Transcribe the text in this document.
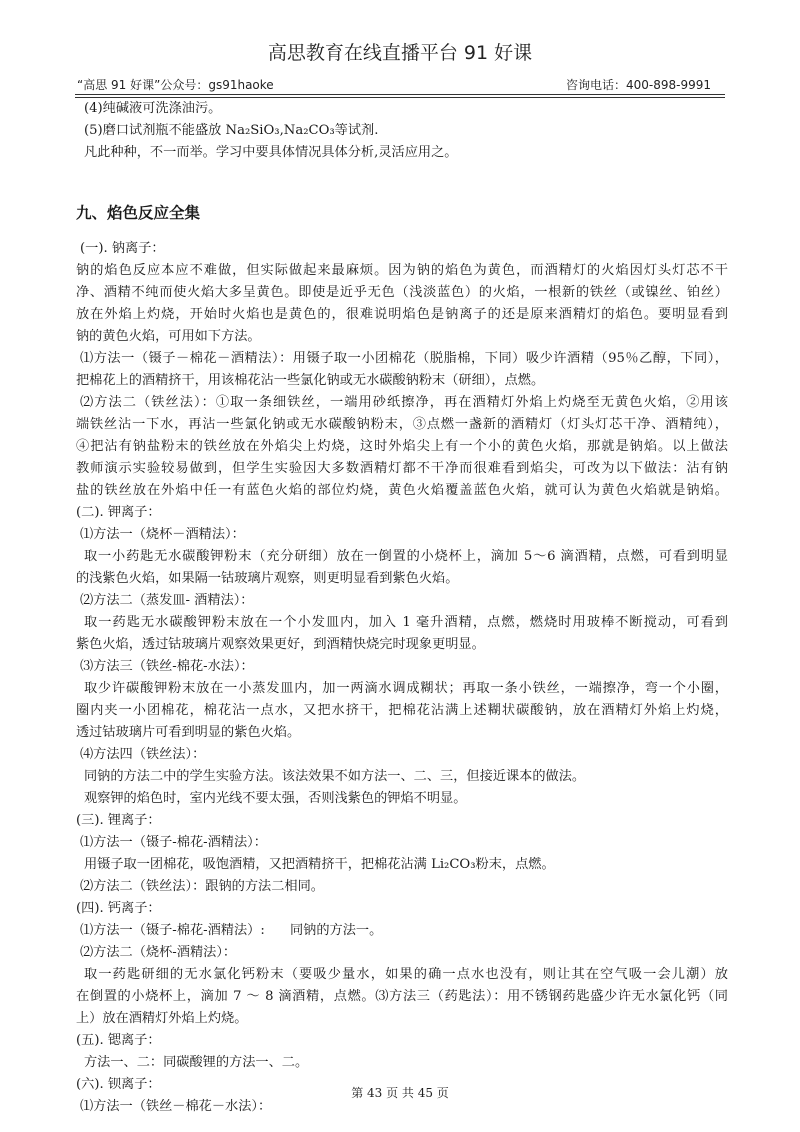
高思教育在线直播平台 91 好课
“高思 91 好课”公众号：gs91haoke	咨询电话：400-898-9991

(4)纯碱液可洗涤油污。

(5)磨口试剂瓶不能盛放 Na₂SiO₃,Na₂CO₃等试剂.

凡此种种，不一而举。学习中要具体情况具体分析,灵活应用之。

九、焰色反应全集

(一). 钠离子：

钠的焰色反应本应不难做，但实际做起来最麻烦。因为钠的焰色为黄色，而酒精灯的火焰因灯头灯芯不干

净、酒精不纯而使火焰大多呈黄色。即使是近乎无色（浅淡蓝色）的火焰，一根新的铁丝（或镍丝、铂丝）

放在外焰上灼烧，开始时火焰也是黄色的，很难说明焰色是钠离子的还是原来酒精灯的焰色。要明显看到

钠的黄色火焰，可用如下方法。

⑴方法一（镊子－棉花－酒精法）：用镊子取一小团棉花（脱脂棉，下同）吸少许酒精（95％乙醇，下同），

把棉花上的酒精挤干，用该棉花沾一些氯化钠或无水碳酸钠粉末（研细），点燃。

⑵方法二（铁丝法）：①取一条细铁丝，一端用砂纸擦净，再在酒精灯外焰上灼烧至无黄色火焰，②用该

端铁丝沾一下水，再沾一些氯化钠或无水碳酸钠粉末，③点燃一盏新的酒精灯（灯头灯芯干净、酒精纯），

④把沾有钠盐粉末的铁丝放在外焰尖上灼烧，这时外焰尖上有一个小的黄色火焰，那就是钠焰。以上做法

教师演示实验较易做到，但学生实验因大多数酒精灯都不干净而很难看到焰尖，可改为以下做法：沾有钠

盐的铁丝放在外焰中任一有蓝色火焰的部位灼烧，黄色火焰覆盖蓝色火焰，就可认为黄色火焰就是钠焰。

(二). 钾离子：

⑴方法一（烧杯－酒精法）：

取一小药匙无水碳酸钾粉末（充分研细）放在一倒置的小烧杯上，滴加 5～6 滴酒精，点燃，可看到明显

的浅紫色火焰，如果隔一钴玻璃片观察，则更明显看到紫色火焰。

⑵方法二（蒸发皿- 酒精法）：

取一药匙无水碳酸钾粉末放在一个小发皿内，加入 1 毫升酒精，点燃，燃烧时用玻棒不断搅动，可看到

紫色火焰，透过钴玻璃片观察效果更好，到酒精快烧完时现象更明显。

⑶方法三（铁丝-棉花-水法）：

取少许碳酸钾粉末放在一小蒸发皿内，加一两滴水调成糊状；再取一条小铁丝，一端擦净，弯一个小圈，

圈内夹一小团棉花，棉花沾一点水，又把水挤干，把棉花沾满上述糊状碳酸钠，放在酒精灯外焰上灼烧，

透过钴玻璃片可看到明显的紫色火焰。

⑷方法四（铁丝法）：

同钠的方法二中的学生实验方法。该法效果不如方法一、二、三，但接近课本的做法。

观察钾的焰色时，室内光线不要太强，否则浅紫色的钾焰不明显。

(三). 锂离子：

⑴方法一（镊子-棉花-酒精法）：

用镊子取一团棉花，吸饱酒精，又把酒精挤干，把棉花沾满 Li₂CO₃粉末，点燃。

⑵方法二（铁丝法）：跟钠的方法二相同。

(四). 钙离子：

⑴方法一（镊子-棉花-酒精法）:      同钠的方法一。

⑵方法二（烧杯-酒精法）：

取一药匙研细的无水氯化钙粉末（要吸少量水，如果的确一点水也没有，则让其在空气吸一会儿潮）放

在倒置的小烧杯上，滴加 7 ～ 8 滴酒精，点燃。⑶方法三（药匙法）：用不锈钢药匙盛少许无水氯化钙（同

上）放在酒精灯外焰上灼烧。

(五). 锶离子：

方法一、二：同碳酸锂的方法一、二。

(六). 钡离子：

⑴方法一（铁丝－棉花－水法）：

第 43 页 共 45 页
